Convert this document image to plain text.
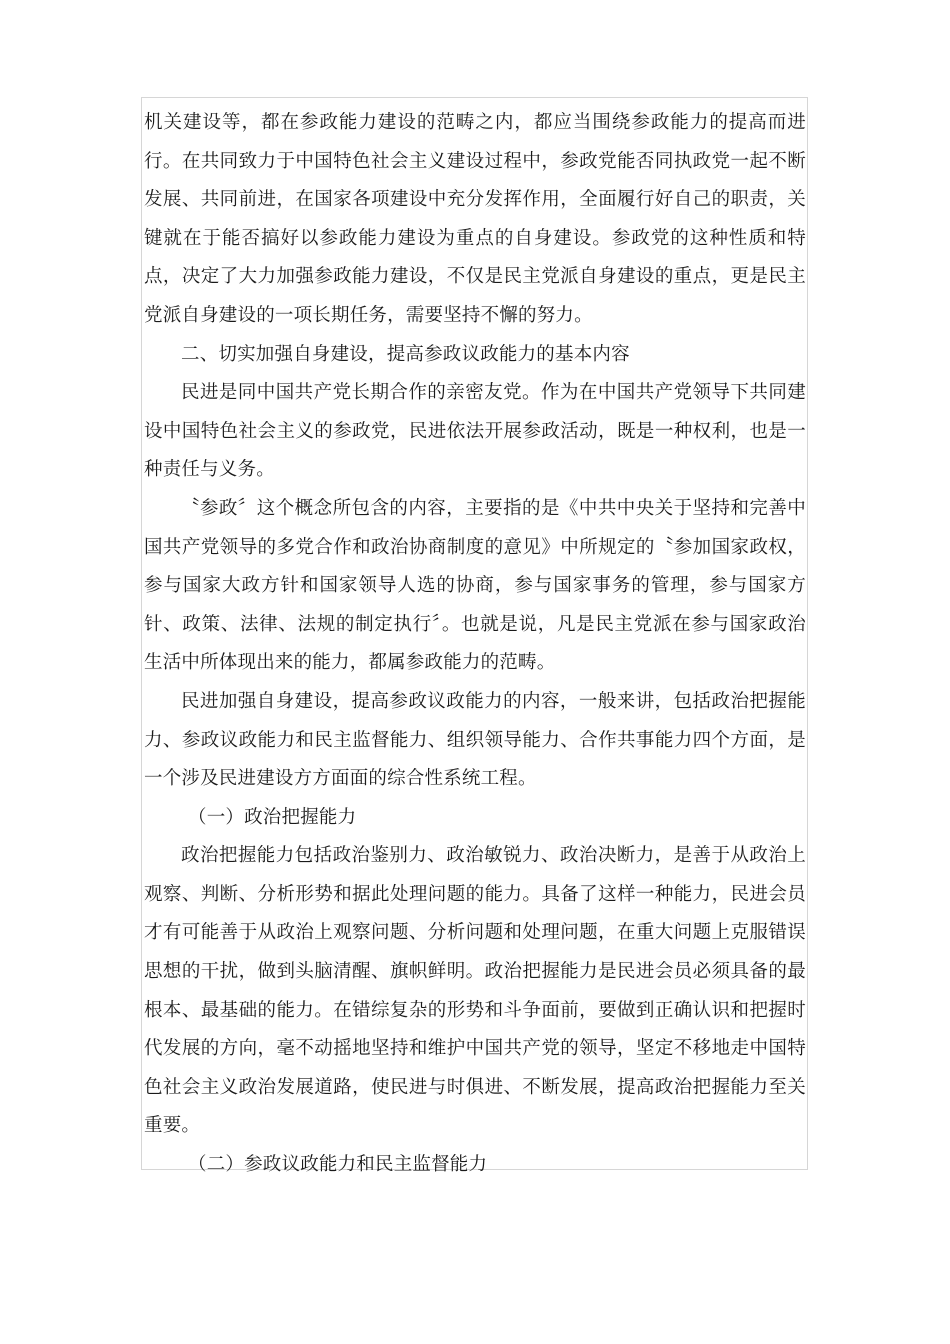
机关建设等，都在参政能力建设的范畴之内，都应当围绕参政能力的提高而进行。在共同致力于中国特色社会主义建设过程中，参政党能否同执政党一起不断发展、共同前进，在国家各项建设中充分发挥作用，全面履行好自己的职责，关键就在于能否搞好以参政能力建设为重点的自身建设。参政党的这种性质和特点，决定了大力加强参政能力建设，不仅是民主党派自身建设的重点，更是民主党派自身建设的一项长期任务，需要坚持不懈的努力。

二、切实加强自身建设，提高参政议政能力的基本内容

民进是同中国共产党长期合作的亲密友党。作为在中国共产党领导下共同建设中国特色社会主义的参政党，民进依法开展参政活动，既是一种权利，也是一种责任与义务。

〝参政〞这个概念所包含的内容，主要指的是《中共中央关于坚持和完善中国共产党领导的多党合作和政治协商制度的意见》中所规定的〝参加国家政权，参与国家大政方针和国家领导人选的协商，参与国家事务的管理，参与国家方针、政策、法律、法规的制定执行〞。也就是说，凡是民主党派在参与国家政治生活中所体现出来的能力，都属参政能力的范畴。

民进加强自身建设，提高参政议政能力的内容，一般来讲，包括政治把握能力、参政议政能力和民主监督能力、组织领导能力、合作共事能力四个方面，是一个涉及民进建设方方面面的综合性系统工程。

（一）政治把握能力

政治把握能力包括政治鉴别力、政治敏锐力、政治决断力，是善于从政治上观察、判断、分析形势和据此处理问题的能力。具备了这样一种能力，民进会员才有可能善于从政治上观察问题、分析问题和处理问题，在重大问题上克服错误思想的干扰，做到头脑清醒、旗帜鲜明。政治把握能力是民进会员必须具备的最根本、最基础的能力。在错综复杂的形势和斗争面前，要做到正确认识和把握时代发展的方向，毫不动摇地坚持和维护中国共产党的领导，坚定不移地走中国特色社会主义政治发展道路，使民进与时俱进、不断发展，提高政治把握能力至关重要。

（二）参政议政能力和民主监督能力
